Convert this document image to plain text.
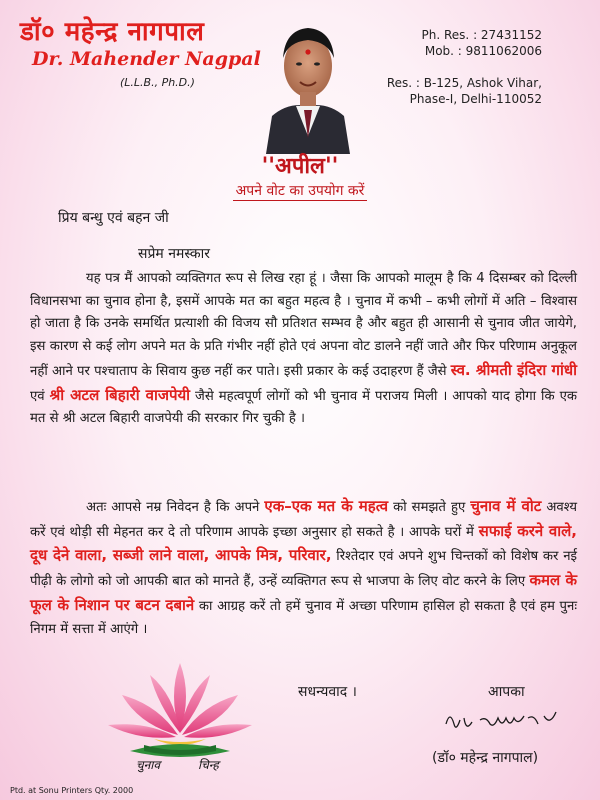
डॉ० महेन्द्र नागपाल
Dr. Mahender Nagpal
(L.L.B., Ph.D.)
Ph. Res. : 27431152
Mob. : 9811062006
Res. : B-125, Ashok Vihar,
Phase-I, Delhi-110052
''अपील''
अपने वोट का उपयोग करें
प्रिय बन्धु एवं बहन जी
सप्रेम नमस्कार
यह पत्र मैं आपको व्यक्तिगत रूप से लिख रहा हूं । जैसा कि आपको मालूम है कि 4 दिसम्बर को दिल्ली विधानसभा का चुनाव होना है, इसमें आपके मत का बहुत महत्व है । चुनाव में कभी – कभी लोगों में अति – विश्वास हो जाता है कि उनके समर्थित प्रत्याशी की विजय सौ प्रतिशत सम्भव है और बहुत ही आसानी से चुनाव जीत जायेगे, इस कारण से कई लोग अपने मत के प्रति गंभीर नहीं होते एवं अपना वोट डालने नहीं जाते और फिर परिणाम अनुकूल नहीं आने पर पश्चाताप के सिवाय कुछ नहीं कर पाते। इसी प्रकार के कई उदाहरण हैं जैसे स्व. श्रीमती इंदिरा गांधी एवं श्री अटल बिहारी वाजपेयी जैसे महत्वपूर्ण लोगों को भी चुनाव में पराजय मिली । आपको याद होगा कि एक मत से श्री अटल बिहारी वाजपेयी की सरकार गिर चुकी है ।
अतः आपसे नम्र निवेदन है कि अपने एक–एक मत के महत्व को समझते हुए चुनाव में वोट अवश्य करें एवं थोड़ी सी मेहनत कर दे तो परिणाम आपके इच्छा अनुसार हो सकते है । आपके घरों में सफाई करने वाले, दूध देने वाला, सब्जी लाने वाला, आपके मित्र, परिवार, रिश्तेदार एवं अपने शुभ चिन्तकों को विशेष कर नई पीढ़ी के लोगो को जो आपकी बात को मानते हैं, उन्हें व्यक्तिगत रूप से भाजपा के लिए वोट करने के लिए कमल के फूल के निशान पर बटन दबाने का आग्रह करें तो हमें चुनाव में अच्छा परिणाम हासिल हो सकता है एवं हम पुनः निगम में सत्ता में आएंगे ।
चुनाव	चिन्ह
सधन्यवाद ।	आपका
(डॉ० महेन्द्र नागपाल)
Ptd. at Sonu Printers Qty. 2000
